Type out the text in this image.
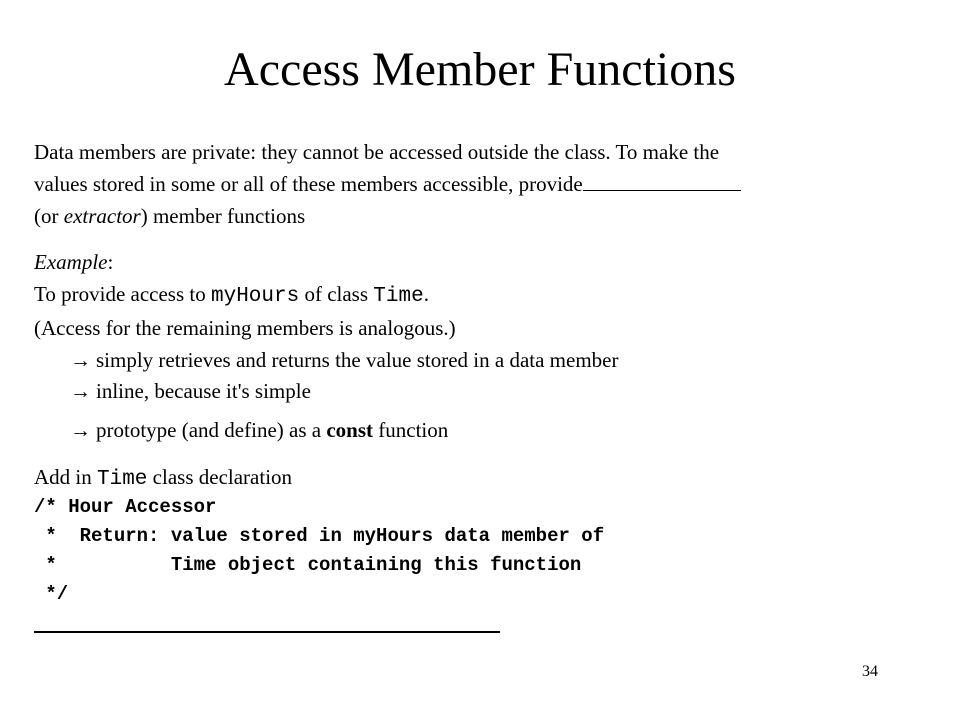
Access Member Functions
Data members are private: they cannot be accessed outside the class. To make the
values stored in some or all of these members accessible, provide
(or extractor) member functions
Example:
To provide access to myHours of class Time.
(Access for the remaining members is analogous.)
→ simply retrieves and returns the value stored in a data member
→ inline, because it's simple
→ prototype (and define) as a const function
Add in Time class declaration
/* Hour Accessor
*  Return: value stored in myHours data member of
*          Time object containing this function
*/
34
